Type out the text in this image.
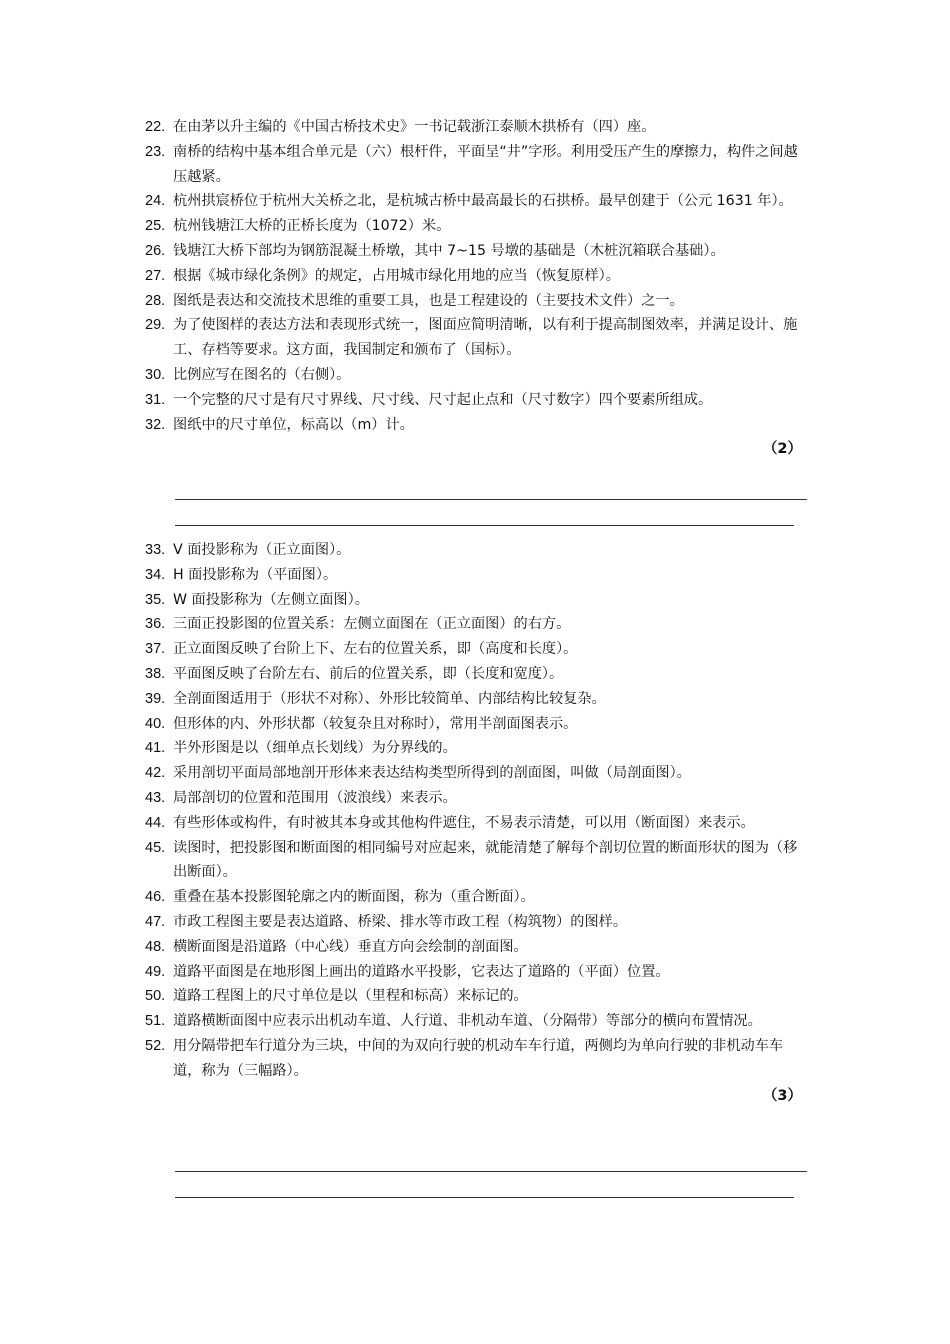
22. 在由茅以升主编的《中国古桥技术史》一书记载浙江泰顺木拱桥有（四）座。
23. 南桥的结构中基本组合单元是（六）根杆件，平面呈“井”字形。利用受压产生的摩擦力，构件之间越压越紧。
24. 杭州拱宸桥位于杭州大关桥之北，是杭城古桥中最高最长的石拱桥。最早创建于（公元 1631 年）。
25. 杭州钱塘江大桥的正桥长度为（1072）米。
26. 钱塘江大桥下部均为钢筋混凝土桥墩，其中 7~15 号墩的基础是（木桩沉箱联合基础）。
27. 根据《城市绿化条例》的规定，占用城市绿化用地的应当（恢复原样）。
28. 图纸是表达和交流技术思维的重要工具，也是工程建设的（主要技术文件）之一。
29. 为了使图样的表达方法和表现形式统一，图面应简明清晰，以有利于提高制图效率，并满足设计、施工、存档等要求。这方面，我国制定和颁布了（国标）。
30. 比例应写在图名的（右侧）。
31. 一个完整的尺寸是有尺寸界线、尺寸线、尺寸起止点和（尺寸数字）四个要素所组成。
32. 图纸中的尺寸单位，标高以（m）计。
（2）
33. V 面投影称为（正立面图）。
34. H 面投影称为（平面图）。
35. W 面投影称为（左侧立面图）。
36. 三面正投影图的位置关系：左侧立面图在（正立面图）的右方。
37. 正立面图反映了台阶上下、左右的位置关系，即（高度和长度）。
38. 平面图反映了台阶左右、前后的位置关系，即（长度和宽度）。
39. 全剖面图适用于（形状不对称）、外形比较简单、内部结构比较复杂。
40. 但形体的内、外形状都（较复杂且对称时），常用半剖面图表示。
41. 半外形图是以（细单点长划线）为分界线的。
42. 采用剖切平面局部地剖开形体来表达结构类型所得到的剖面图，叫做（局剖面图）。
43. 局部剖切的位置和范围用（波浪线）来表示。
44. 有些形体或构件，有时被其本身或其他构件遮住，不易表示清楚，可以用（断面图）来表示。
45. 读图时，把投影图和断面图的相同编号对应起来，就能清楚了解每个剖切位置的断面形状的图为（移出断面）。
46. 重叠在基本投影图轮廓之内的断面图，称为（重合断面）。
47. 市政工程图主要是表达道路、桥梁、排水等市政工程（构筑物）的图样。
48. 横断面图是沿道路（中心线）垂直方向会绘制的剖面图。
49. 道路平面图是在地形图上画出的道路水平投影，它表达了道路的（平面）位置。
50. 道路工程图上的尺寸单位是以（里程和标高）来标记的。
51. 道路横断面图中应表示出机动车道、人行道、非机动车道、（分隔带）等部分的横向布置情况。
52. 用分隔带把车行道分为三块，中间的为双向行驶的机动车车行道，两侧均为单向行驶的非机动车车道，称为（三幅路）。
（3）
